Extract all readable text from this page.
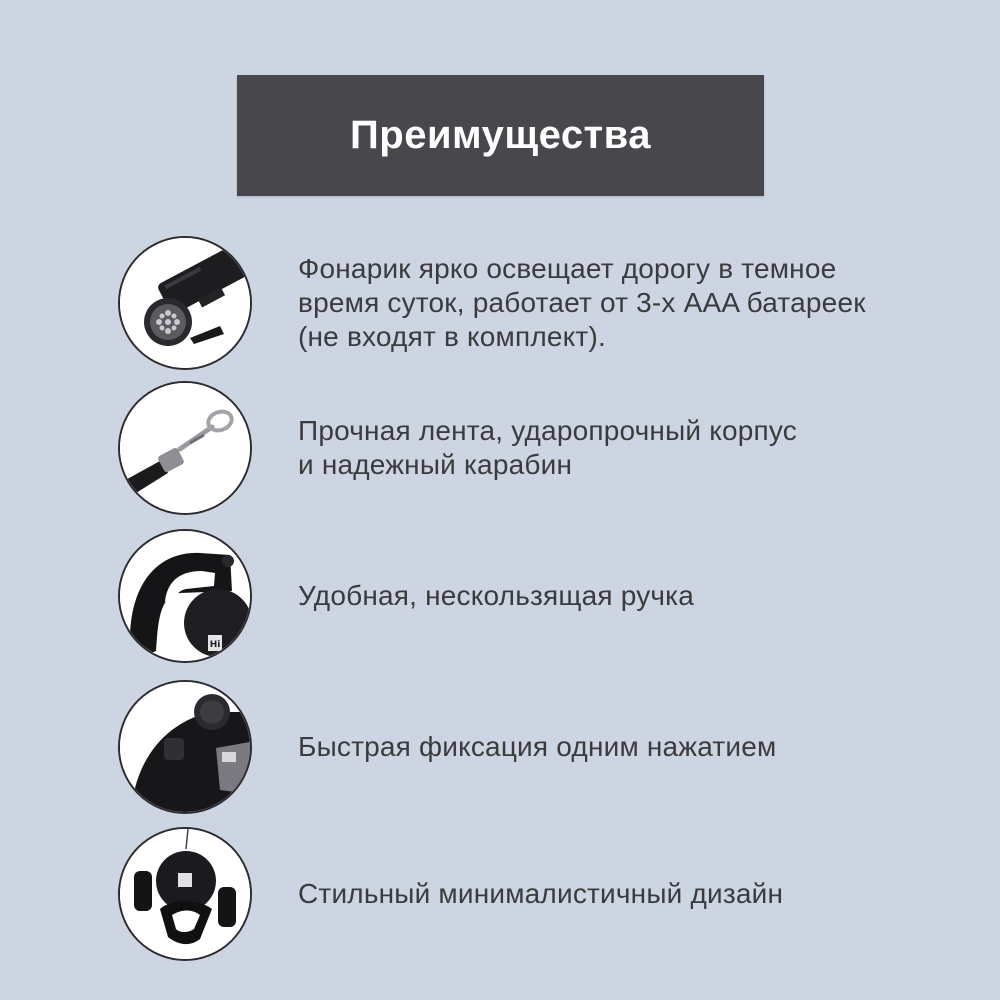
Преимущества
Фонарик ярко освещает дорогу в темное
время суток, работает от 3-х AAA батареек
(не входят в комплект).
Прочная лента, ударопрочный корпус
и надежный карабин
Hi
Удобная, нескользящая ручка
Быстрая фиксация одним нажатием
Стильный минималистичный дизайн
